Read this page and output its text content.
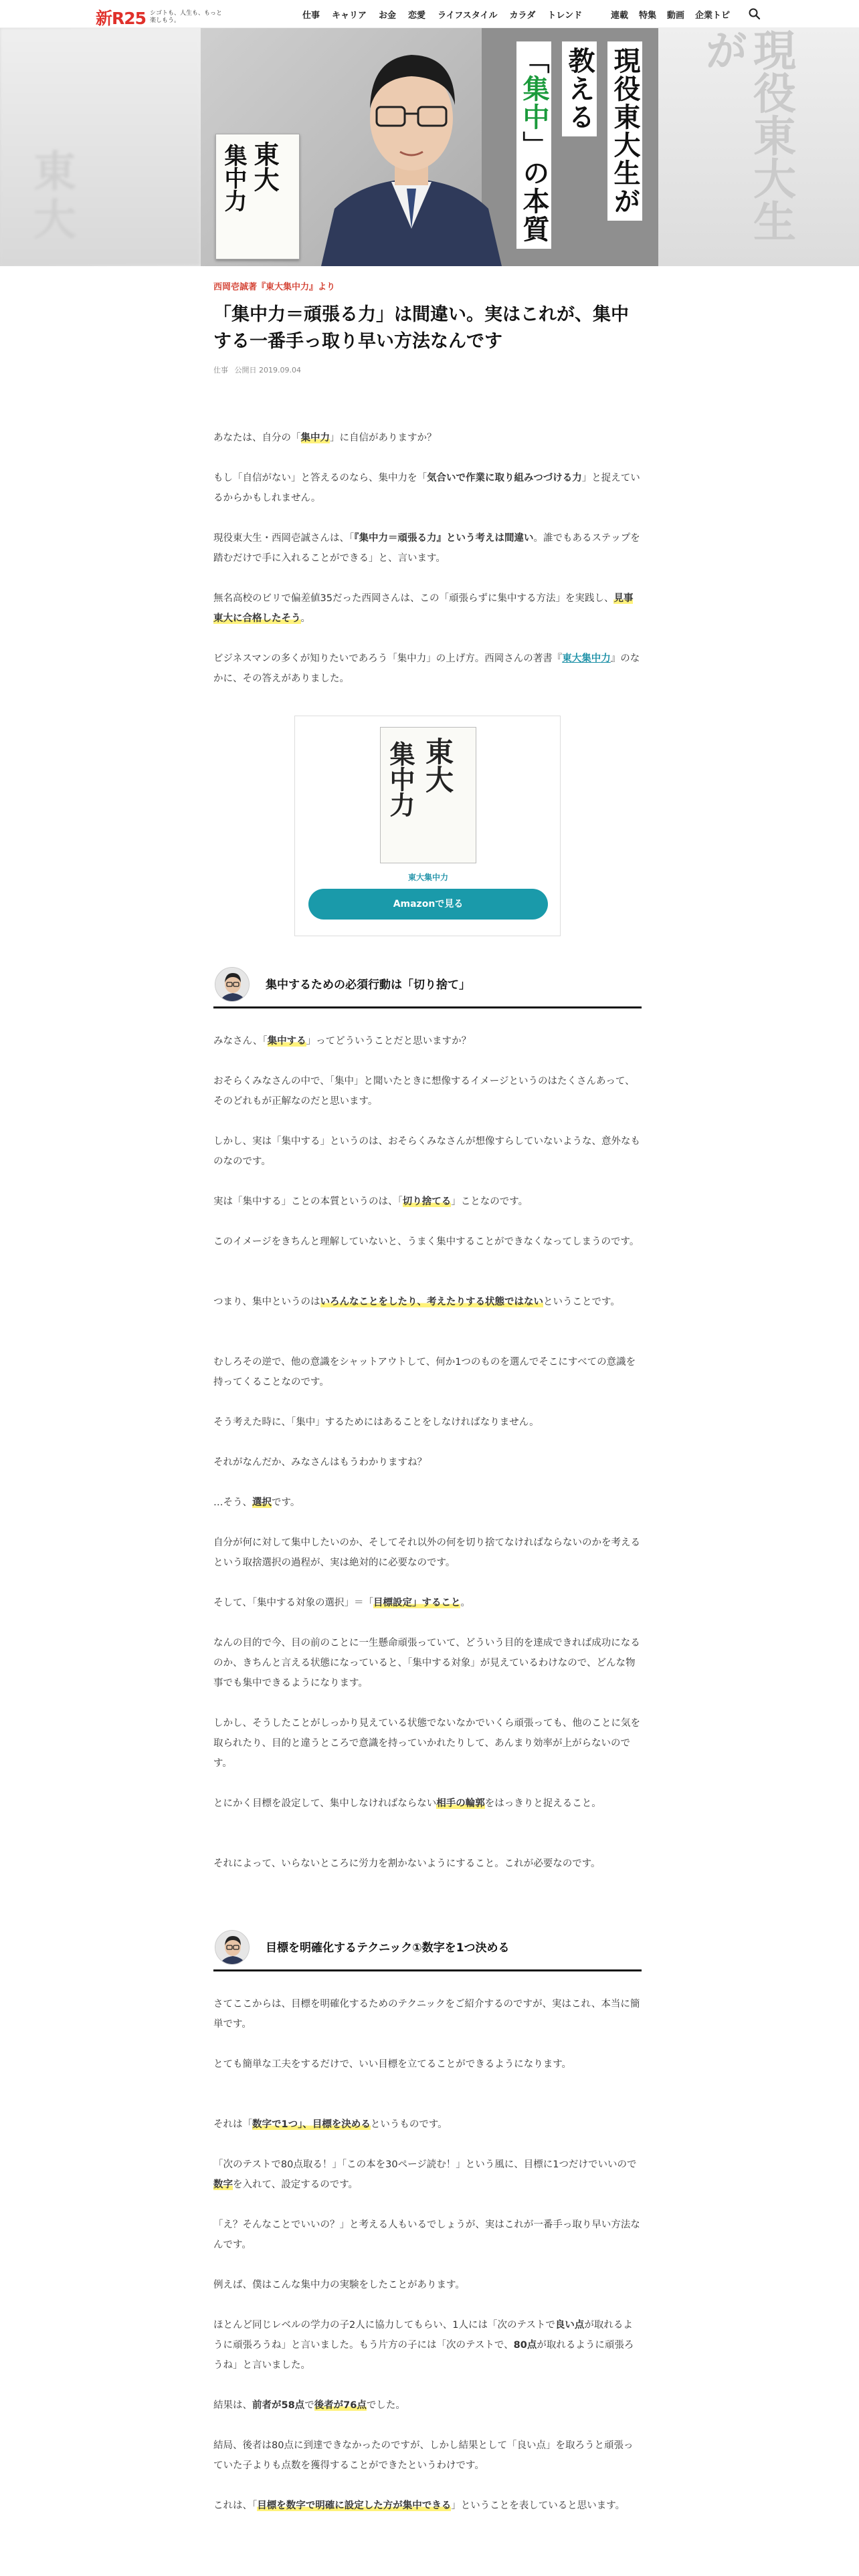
新R25 シゴトも、人生も、もっと楽しもう。	仕事 キャリア お金 恋愛 ライフスタイル カラダ トレンド	連載 特集 動画 企業トピ
東大	現役東大生が
東大
集中力	現役東大生が
教える
「集中」の本質
西岡壱誠著『東大集中力』より
「集中力＝頑張る力」は間違い。実はこれが、集中する一番手っ取り早い方法なんです
仕事 公開日 2019.09.04

あなたは、自分の「集中力」に自信がありますか？

もし「自信がない」と答えるのなら、集中力を「気合いで作業に取り組みつづける力」と捉えているからかもしれません。

現役東大生・西岡壱誠さんは、「『集中力＝頑張る力』という考えは間違い。誰でもあるステップを踏むだけで手に入れることができる」と、言います。

無名高校のビリで偏差値35だった西岡さんは、この「頑張らずに集中する方法」を実践し、見事東大に合格したそう。

ビジネスマンの多くが知りたいであろう「集中力」の上げ方。西岡さんの著書『東大集中力』のなかに、その答えがありました。

東大
集中力
東大集中力
Amazonで見る
集中するための必須行動は「切り捨て」

みなさん、「集中する」ってどういうことだと思いますか？

おそらくみなさんの中で、「集中」と聞いたときに想像するイメージというのはたくさんあって、そのどれもが正解なのだと思います。

しかし、実は「集中する」というのは、おそらくみなさんが想像すらしていないような、意外なものなのです。

実は「集中する」ことの本質というのは、「切り捨てる」ことなのです。

このイメージをきちんと理解していないと、うまく集中することができなくなってしまうのです。

つまり、集中というのはいろんなことをしたり、考えたりする状態ではないということです。

むしろその逆で、他の意識をシャットアウトして、何か1つのものを選んでそこにすべての意識を持ってくることなのです。

そう考えた時に、「集中」するためにはあることをしなければなりません。

それがなんだか、みなさんはもうわかりますね？

…そう、選択です。

自分が何に対して集中したいのか、そしてそれ以外の何を切り捨てなければならないのかを考えるという取捨選択の過程が、実は絶対的に必要なのです。

そして、「集中する対象の選択」＝「目標設定」すること。

なんの目的で今、目の前のことに一生懸命頑張っていて、どういう目的を達成できれば成功になるのか、きちんと言える状態になっていると、「集中する対象」が見えているわけなので、どんな物事でも集中できるようになります。

しかし、そうしたことがしっかり見えている状態でないなかでいくら頑張っても、他のことに気を取られたり、目的と違うところで意識を持っていかれたりして、あんまり効率が上がらないのです。

とにかく目標を設定して、集中しなければならない相手の輪郭をはっきりと捉えること。

それによって、いらないところに労力を割かないようにすること。これが必要なのです。

目標を明確化するテクニック①数字を1つ決める

さてここからは、目標を明確化するためのテクニックをご紹介するのですが、実はこれ、本当に簡単です。

とても簡単な工夫をするだけで、いい目標を立てることができるようになります。

それは「数字で1つ」、目標を決めるというものです。

「次のテストで80点取る！」「この本を30ページ読む！」という風に、目標に1つだけでいいので数字を入れて、設定するのです。

「え？そんなことでいいの？」と考える人もいるでしょうが、実はこれが一番手っ取り早い方法なんです。

例えば、僕はこんな集中力の実験をしたことがあります。

ほとんど同じレベルの学力の子2人に協力してもらい、1人には「次のテストで良い点が取れるように頑張ろうね」と言いました。もう片方の子には「次のテストで、80点が取れるように頑張ろうね」と言いました。

結果は、前者が58点で後者が76点でした。

結局、後者は80点に到達できなかったのですが、しかし結果として「良い点」を取ろうと頑張っていた子よりも点数を獲得することができたというわけです。

これは、「目標を数字で明確に設定した方が集中できる」ということを表していると思います。
